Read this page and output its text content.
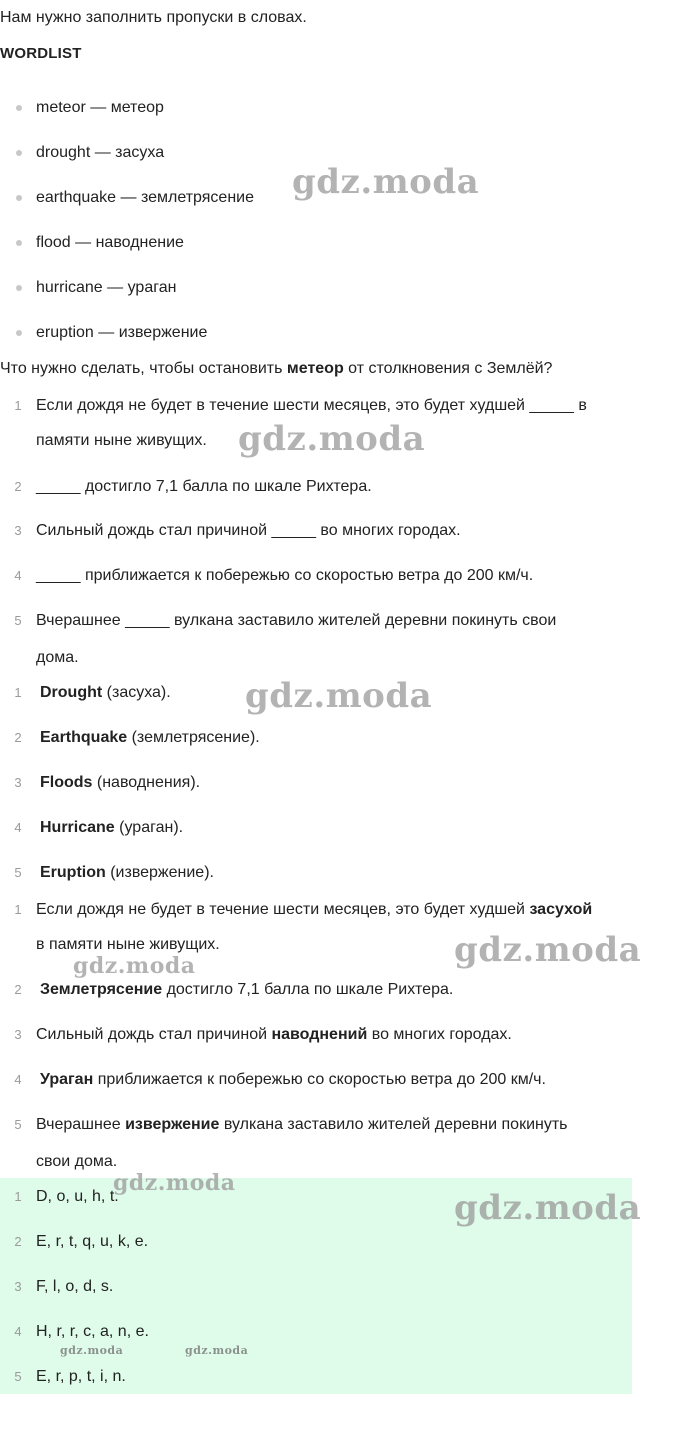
Нам нужно заполнить пропуски в словах.
WORDLIST
meteor — метеор
drought — засуха
earthquake — землетрясение
flood — наводнение
hurricane — ураган
eruption — извержение
Что нужно сделать, чтобы остановить метеор от столкновения с Землёй?
1 Если дождя не будет в течение шести месяцев, это будет худшей _____ в
памяти ныне живущих.
2 _____ достигло 7,1 балла по шкале Рихтера.
3 Сильный дождь стал причиной _____ во многих городах.
4 _____ приближается к побережью со скоростью ветра до 200 км/ч.
5 Вчерашнее _____ вулкана заставило жителей деревни покинуть свои
дома.
1 Drought (засуха).
2 Earthquake (землетрясение).
3 Floods (наводнения).
4 Hurricane (ураган).
5 Eruption (извержение).
1 Если дождя не будет в течение шести месяцев, это будет худшей засухой
в памяти ныне живущих.
2 Землетрясение достигло 7,1 балла по шкале Рихтера.
3 Сильный дождь стал причиной наводнений во многих городах.
4 Ураган приближается к побережью со скоростью ветра до 200 км/ч.
5 Вчерашнее извержение вулкана заставило жителей деревни покинуть
свои дома.
1 D, o, u, h, t.
2 E, r, t, q, u, k, e.
3 F, l, o, d, s.
4 H, r, r, c, a, n, e.
5 E, r, p, t, i, n.
gdz.moda
gdz.moda
gdz.moda
gdz.moda
gdz.moda
gdz.moda
gdz.moda
gdz.moda	gdz.moda
